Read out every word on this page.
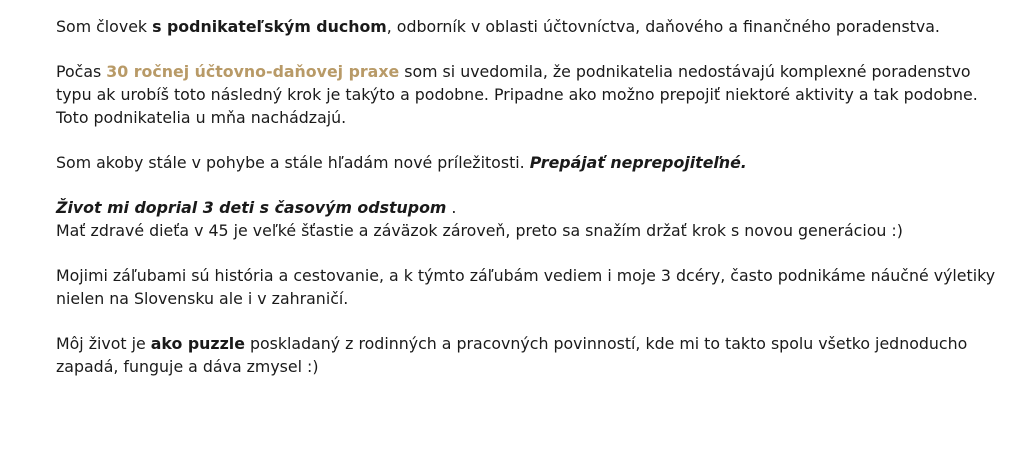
Som človek s podnikateľským duchom, odborník v oblasti účtovníctva, daňového a finančného poradenstva.

Počas 30 ročnej účtovno-daňovej praxe som si uvedomila, že podnikatelia nedostávajú komplexné poradenstvo typu ak urobíš toto následný krok je takýto a podobne. Pripadne ako možno prepojiť niektoré aktivity a tak podobne. Toto podnikatelia u mňa nachádzajú.

Som akoby stále v pohybe a stále hľadám nové príležitosti. Prepájať neprepojiteľné.

Život mi doprial 3 deti s časovým odstupom .
Mať zdravé dieťa v 45 je veľké šťastie a záväzok zároveň, preto sa snažím držať krok s novou generáciou :)

Mojimi záľubami sú história a cestovanie, a k týmto záľubám vediem i moje 3 dcéry, často podnikáme náučné výletiky nielen na Slovensku ale i v zahraničí.

Môj život je ako puzzle poskladaný z rodinných a pracovných povinností, kde mi to takto spolu všetko jednoducho zapadá, funguje a dáva zmysel :)
